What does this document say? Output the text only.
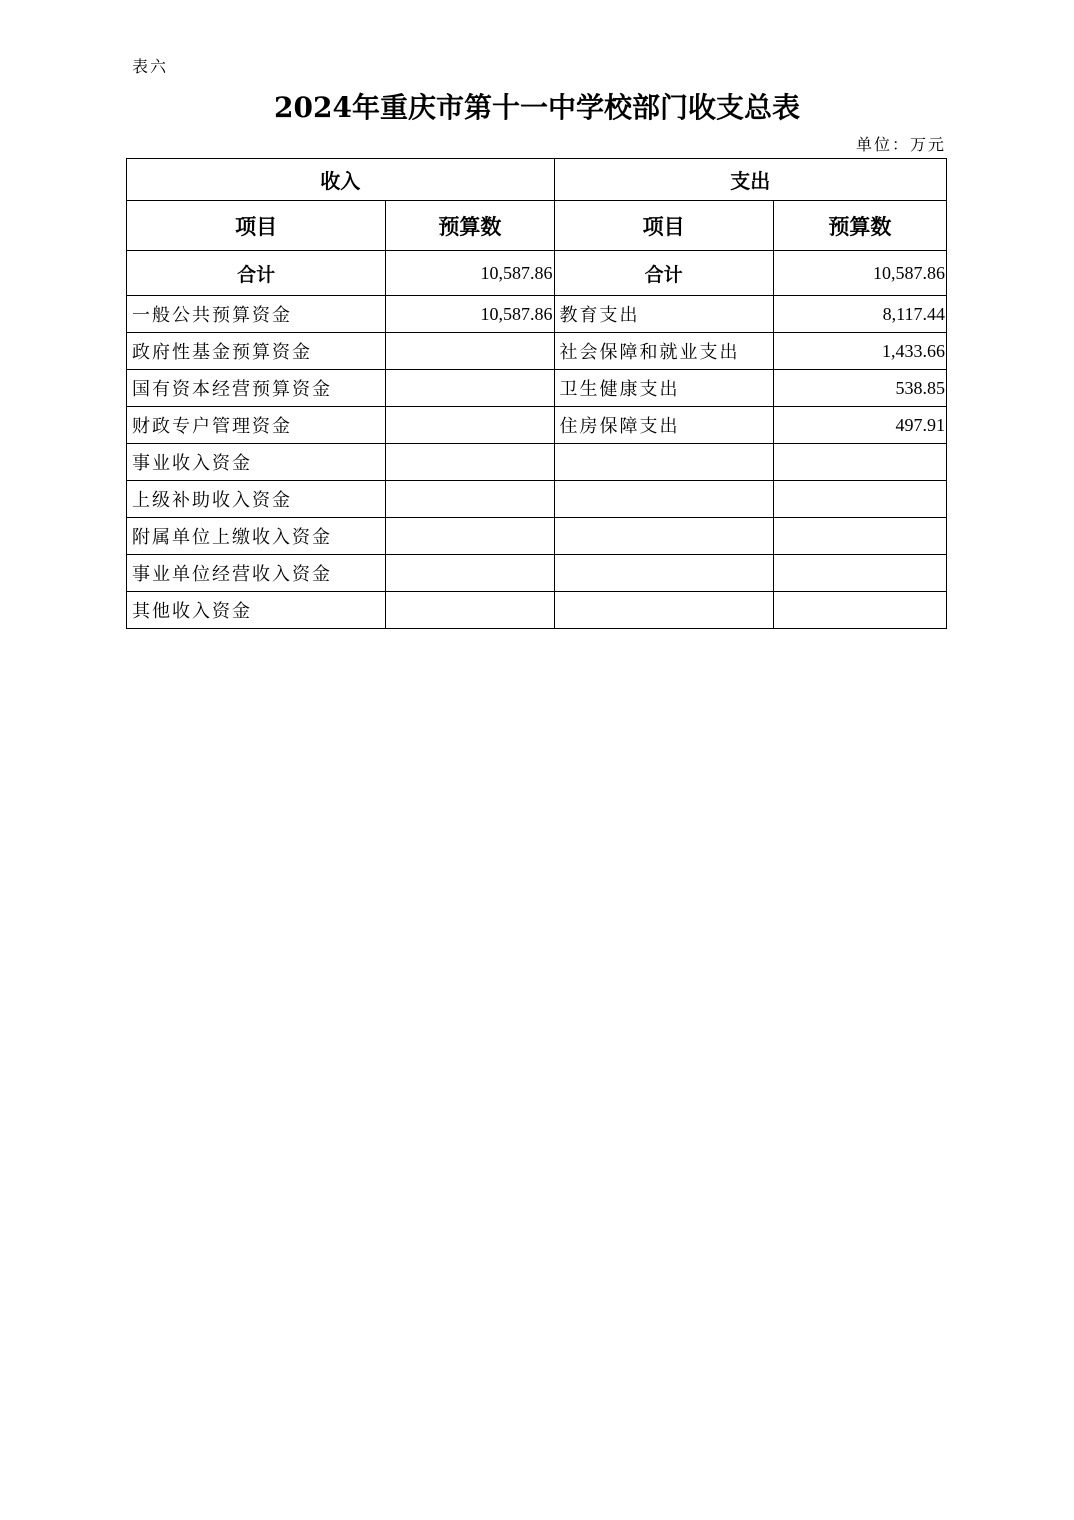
表六
2024年重庆市第十一中学校部门收支总表
单位：万元
收入		支出	
项目	预算数	项目	预算数
合计	10,587.86	合计	10,587.86
一般公共预算资金	10,587.86	教育支出	8,117.44
政府性基金预算资金		社会保障和就业支出	1,433.66
国有资本经营预算资金		卫生健康支出	538.85
财政专户管理资金		住房保障支出	497.91
事业收入资金			
上级补助收入资金			
附属单位上缴收入资金			
事业单位经营收入资金			
其他收入资金			
